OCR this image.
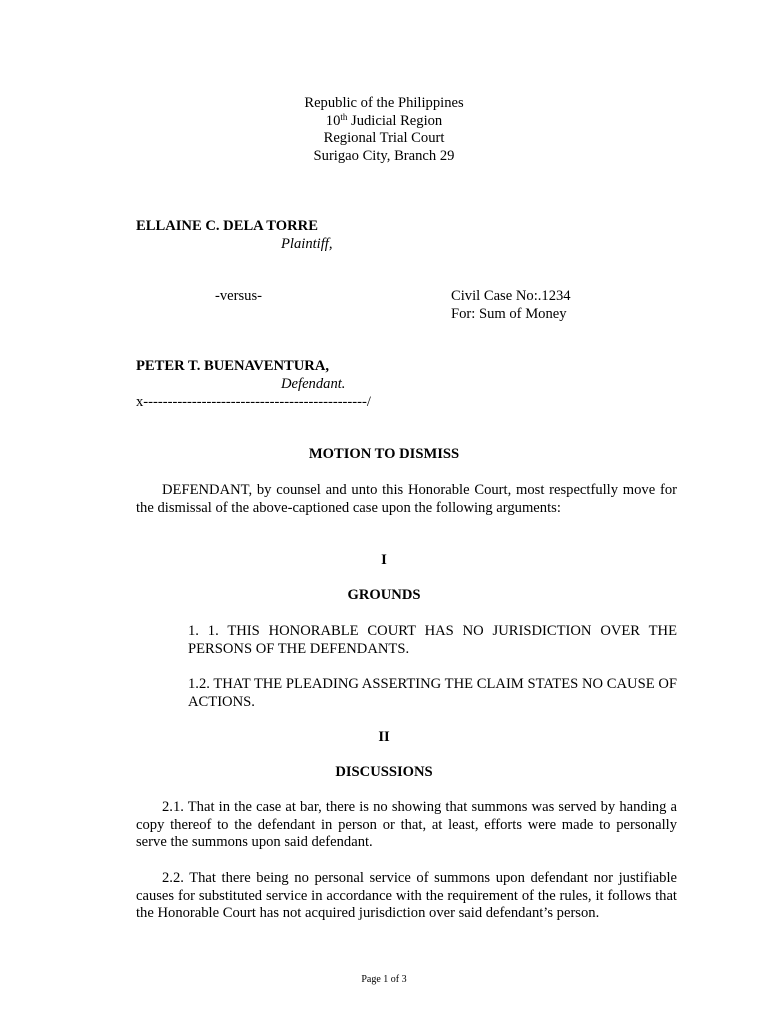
Republic of the Philippines
10th Judicial Region
Regional Trial Court
Surigao City, Branch 29
ELLAINE C. DELA TORRE
Plaintiff,
-versus-	Civil Case No:.1234
For: Sum of Money
PETER T. BUENAVENTURA,
Defendant.
x----------------------------------------------/
MOTION TO DISMISS
DEFENDANT, by counsel and unto this Honorable Court, most respectfully move for the dismissal of the above-captioned case upon the following arguments:
I
GROUNDS
1. 1. THIS HONORABLE COURT HAS NO JURISDICTION OVER THE PERSONS OF THE DEFENDANTS.
1.2. THAT THE PLEADING ASSERTING THE CLAIM STATES NO CAUSE OF ACTIONS.
II
DISCUSSIONS
2.1. That in the case at bar, there is no showing that summons was served by handing a copy thereof to the defendant in person or that, at least, efforts were made to personally serve the summons upon said defendant.
2.2. That there being no personal service of summons upon defendant nor justifiable causes for substituted service in accordance with the requirement of the rules, it follows that the Honorable Court has not acquired jurisdiction over said defendant’s person.
Page 1 of 3
